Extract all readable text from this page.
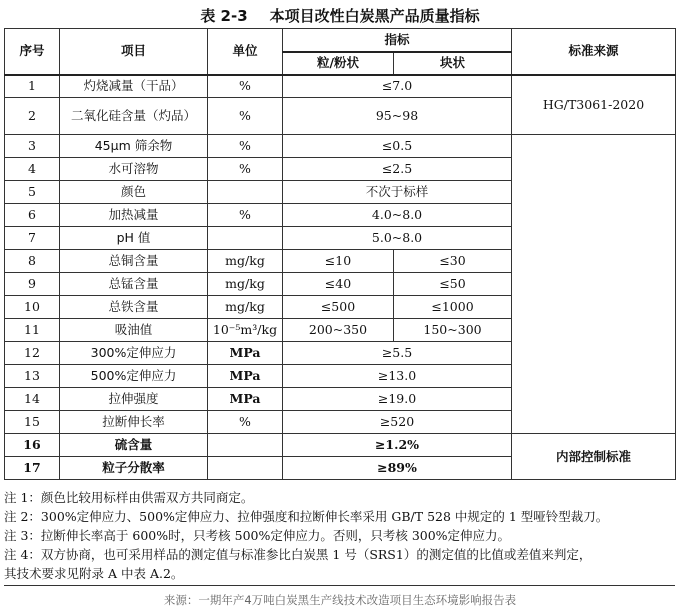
表 2-3 本项目改性白炭黑产品质量指标
序号	项目	单位	指标		标准来源
			粒/粉状	块状	
1	灼烧减量（干品）	%	≤7.0		HG/T3061-2020
2	二氧化硅含量（灼品）	%	95~98		
3	45μm 筛余物	%	≤0.5		
4	水可溶物	%	≤2.5		
5	颜色		不次于标样		
6	加热减量	%	4.0~8.0		
7	pH 值		5.0~8.0		
8	总铜含量	mg/kg	≤10	≤30	
9	总锰含量	mg/kg	≤40	≤50	
10	总铁含量	mg/kg	≤500	≤1000	
11	吸油值	10⁻⁵m³/kg	200~350	150~300	
12	300%定伸应力	MPa	≥5.5		
13	500%定伸应力	MPa	≥13.0		
14	拉伸强度	MPa	≥19.0		
15	拉断伸长率	%	≥520		
16	硫含量		≥1.2%		内部控制标准
17	粒子分散率		≥89%		
注 1：颜色比较用标样由供需双方共同商定。
注 2：300%定伸应力、500%定伸应力、拉伸强度和拉断伸长率采用 GB/T 528 中规定的 1 型哑铃型裁刀。
注 3：拉断伸长率高于 600%时，只考核 500%定伸应力。否则，只考核 300%定伸应力。
注 4：双方协商，也可采用样品的测定值与标准参比白炭黑 1 号（SRS1）的测定值的比值或差值来判定，
其技术要求见附录 A 中表 A.2。
来源：一期年产4万吨白炭黑生产线技术改造项目生态环境影响报告表
